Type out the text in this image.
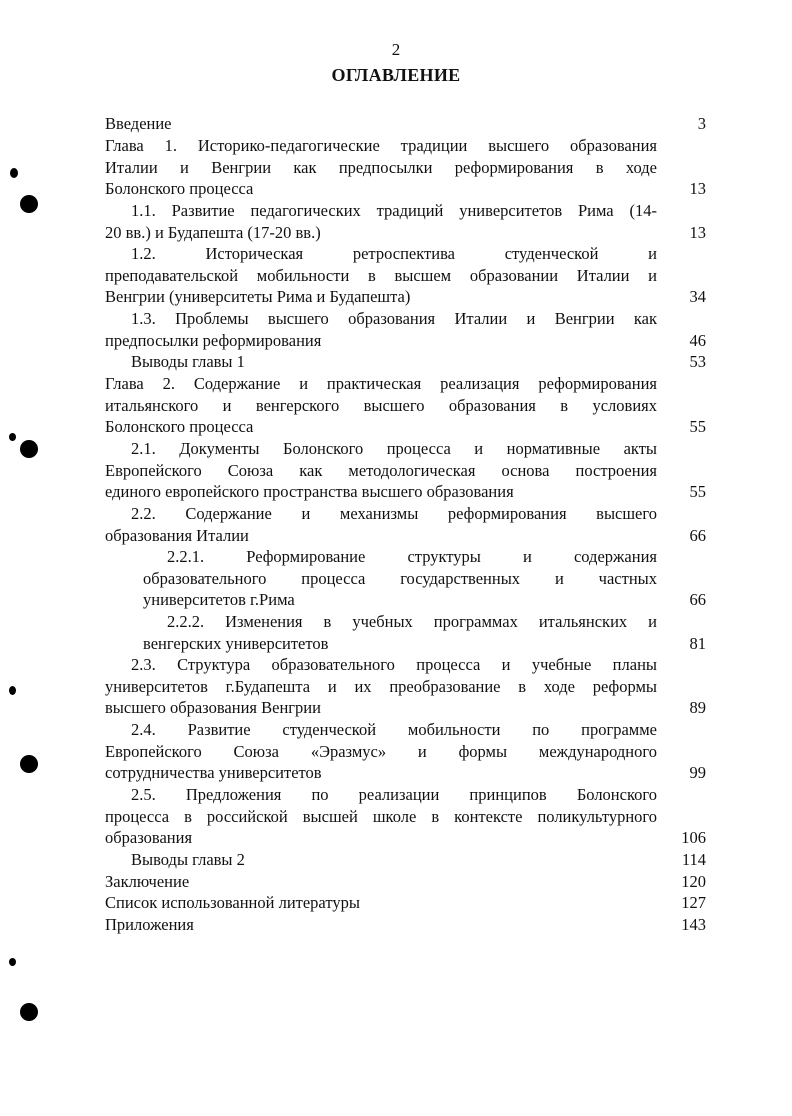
2
ОГЛАВЛЕНИЕ
Введение	3
Глава 1. Историко-педагогические традиции высшего образования
Италии и Венгрии как предпосылки реформирования в ходе
Болонского процесса	13
1.1. Развитие педагогических традиций университетов Рима (14-
20 вв.) и Будапешта (17-20 вв.)	13
1.2. Историческая ретроспектива студенческой и
преподавательской мобильности в высшем образовании Италии и
Венгрии (университеты Рима и Будапешта)	34
1.3. Проблемы высшего образования Италии и Венгрии как
предпосылки реформирования	46
Выводы главы 1	53
Глава 2. Содержание и практическая реализация реформирования
итальянского и венгерского высшего образования в условиях
Болонского процесса	55
2.1. Документы Болонского процесса и нормативные акты
Европейского Союза как методологическая основа построения
единого европейского пространства высшего образования	55
2.2. Содержание и механизмы реформирования высшего
образования Италии	66
2.2.1. Реформирование структуры и содержания
образовательного процесса государственных и частных
университетов г.Рима	66
2.2.2. Изменения в учебных программах итальянских и
венгерских университетов	81
2.3. Структура образовательного процесса и учебные планы
университетов г.Будапешта и их преобразование в ходе реформы
высшего образования Венгрии	89
2.4. Развитие студенческой мобильности по программе
Европейского Союза «Эразмус» и формы международного
сотрудничества университетов	99
2.5. Предложения по реализации принципов Болонского
процесса в российской высшей школе в контексте поликультурного
образования	106
Выводы главы 2	114
Заключение	120
Список использованной литературы	127
Приложения	143
